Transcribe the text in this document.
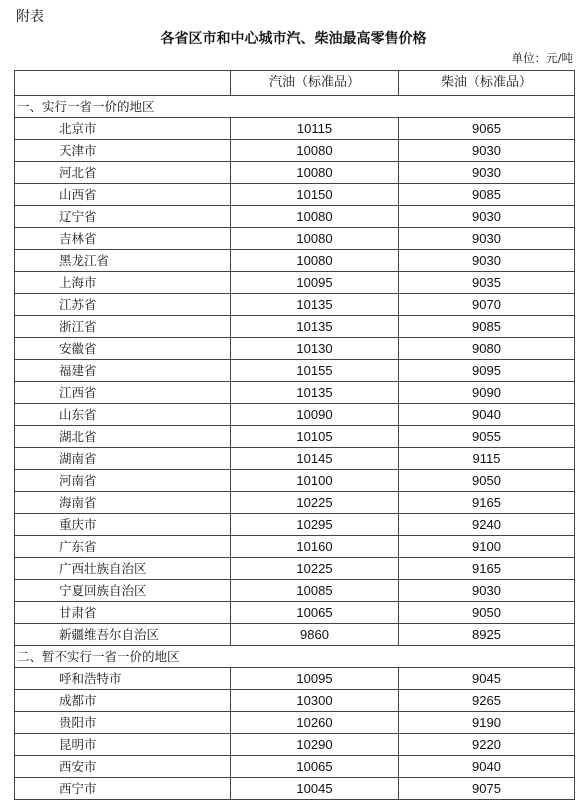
附表
各省区市和中心城市汽、柴油最高零售价格
单位：元/吨
	汽油（标准品）	柴油（标准品）
一、实行一省一价的地区		
北京市	10115	9065
天津市	10080	9030
河北省	10080	9030
山西省	10150	9085
辽宁省	10080	9030
吉林省	10080	9030
黑龙江省	10080	9030
上海市	10095	9035
江苏省	10135	9070
浙江省	10135	9085
安徽省	10130	9080
福建省	10155	9095
江西省	10135	9090
山东省	10090	9040
湖北省	10105	9055
湖南省	10145	9115
河南省	10100	9050
海南省	10225	9165
重庆市	10295	9240
广东省	10160	9100
广西壮族自治区	10225	9165
宁夏回族自治区	10085	9030
甘肃省	10065	9050
新疆维吾尔自治区	9860	8925
二、暂不实行一省一价的地区		
呼和浩特市	10095	9045
成都市	10300	9265
贵阳市	10260	9190
昆明市	10290	9220
西安市	10065	9040
西宁市	10045	9075
